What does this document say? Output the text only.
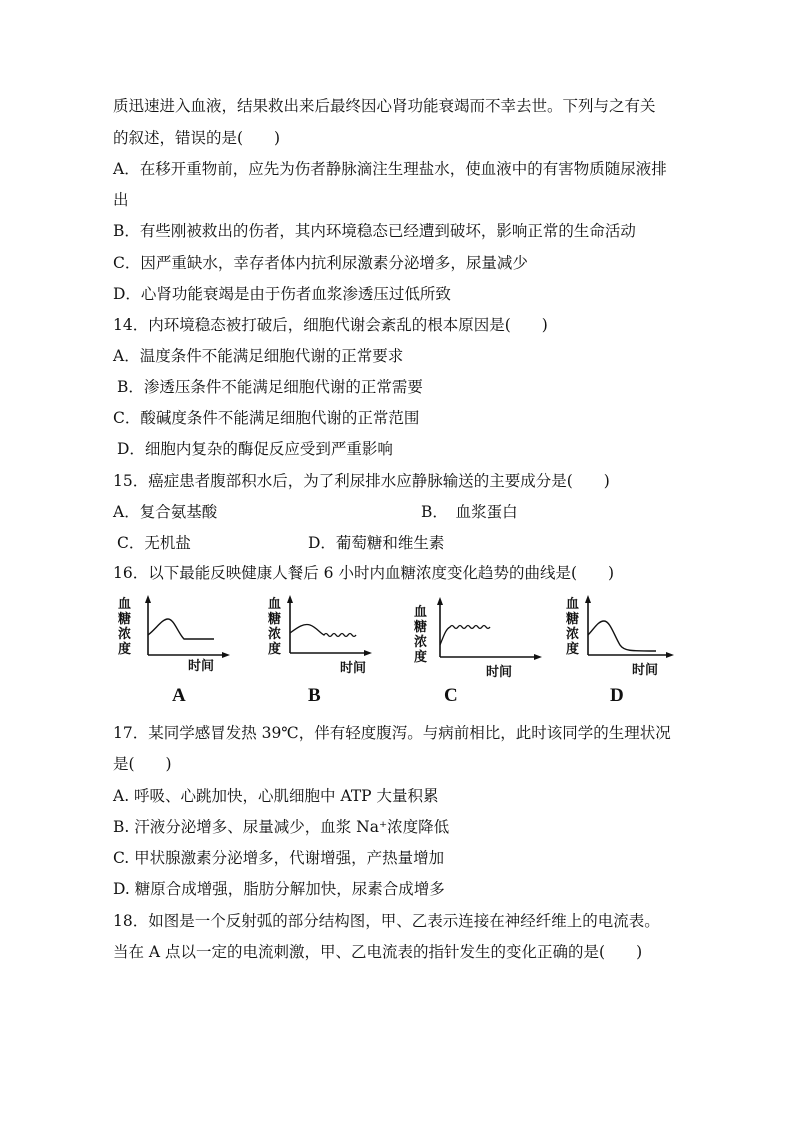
质迅速进入血液，结果救出来后最终因心肾功能衰竭而不幸去世。下列与之有关
的叙述，错误的是(　　)
A．在移开重物前，应先为伤者静脉滴注生理盐水，使血液中的有害物质随尿液排
出
B．有些刚被救出的伤者，其内环境稳态已经遭到破坏，影响正常的生命活动
C．因严重缺水，幸存者体内抗利尿激素分泌增多，尿量减少
D．心肾功能衰竭是由于伤者血浆渗透压过低所致
14．内环境稳态被打破后，细胞代谢会紊乱的根本原因是(　　)
A．温度条件不能满足细胞代谢的正常要求
B．渗透压条件不能满足细胞代谢的正常需要
C．酸碱度条件不能满足细胞代谢的正常范围
D．细胞内复杂的酶促反应受到严重影响
15．癌症患者腹部积水后，为了利尿排水应静脉输送的主要成分是(　　)
A．复合氨基酸	B．　血浆蛋白
C．无机盐	D．葡萄糖和维生素
16．以下最能反映健康人餐后 6 小时内血糖浓度变化趋势的曲线是(　　)
血糖浓度
时间
A
血糖浓度
时间
B
血糖浓度
时间
C
血糖浓度
时间
D
17．某同学感冒发热 39℃，伴有轻度腹泻。与病前相比，此时该同学的生理状况
是(　　)
A. 呼吸、心跳加快，心肌细胞中 ATP 大量积累
B. 汗液分泌增多、尿量减少，血浆 Na⁺浓度降低
C. 甲状腺激素分泌增多，代谢增强，产热量增加
D. 糖原合成增强，脂肪分解加快，尿素合成增多
18．如图是一个反射弧的部分结构图，甲、乙表示连接在神经纤维上的电流表。
当在 A 点以一定的电流刺激，甲、乙电流表的指针发生的变化正确的是(　　)
